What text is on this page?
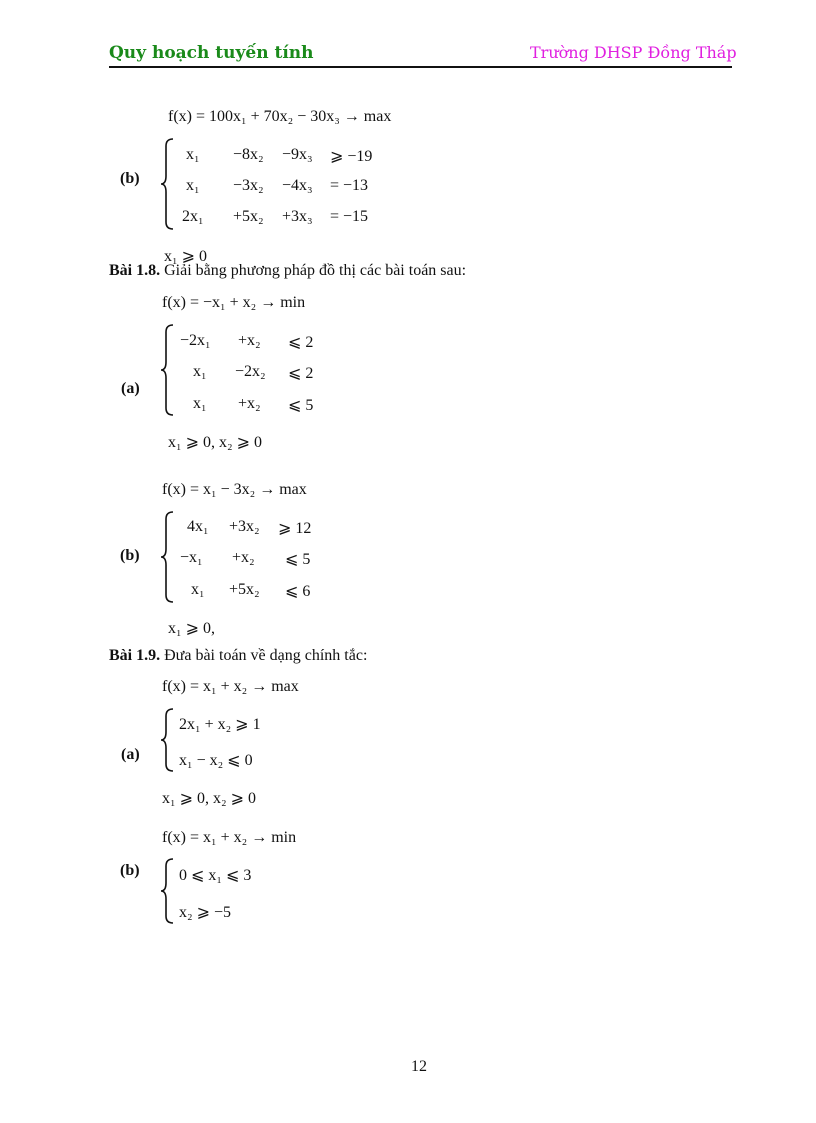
Quy hoạch tuyến tính	Trường DHSP Đồng Tháp
f(x) = 100x₁ + 70x₂ − 30x₃ → max
(b)
x₁ −8x₂ −9x₃ ⩾ −19
x₁ −3x₂ −4x₃ = −13
2x₁ +5x₂ +3x₃ = −15
x₁ ⩾ 0
Bài 1.8. Giải bằng phương pháp đồ thị các bài toán sau:
f(x) = −x₁ + x₂ → min
(a)
−2x₁ +x₂ ⩽ 2
x₁ −2x₂ ⩽ 2
x₁ +x₂ ⩽ 5
x₁ ⩾ 0, x₂ ⩾ 0
f(x) = x₁ − 3x₂ → max
(b)
4x₁ +3x₂ ⩾ 12
−x₁ +x₂ ⩽ 5
x₁ +5x₂ ⩽ 6
x₁ ⩾ 0,
Bài 1.9. Đưa bài toán về dạng chính tắc:
f(x) = x₁ + x₂ → max
(a)
2x₁ + x₂ ⩾ 1
x₁ − x₂ ⩽ 0
x₁ ⩾ 0, x₂ ⩾ 0
f(x) = x₁ + x₂ → min
(b) 0 ⩽ x₁ ⩽ 3
x₂ ⩾ −5
12
